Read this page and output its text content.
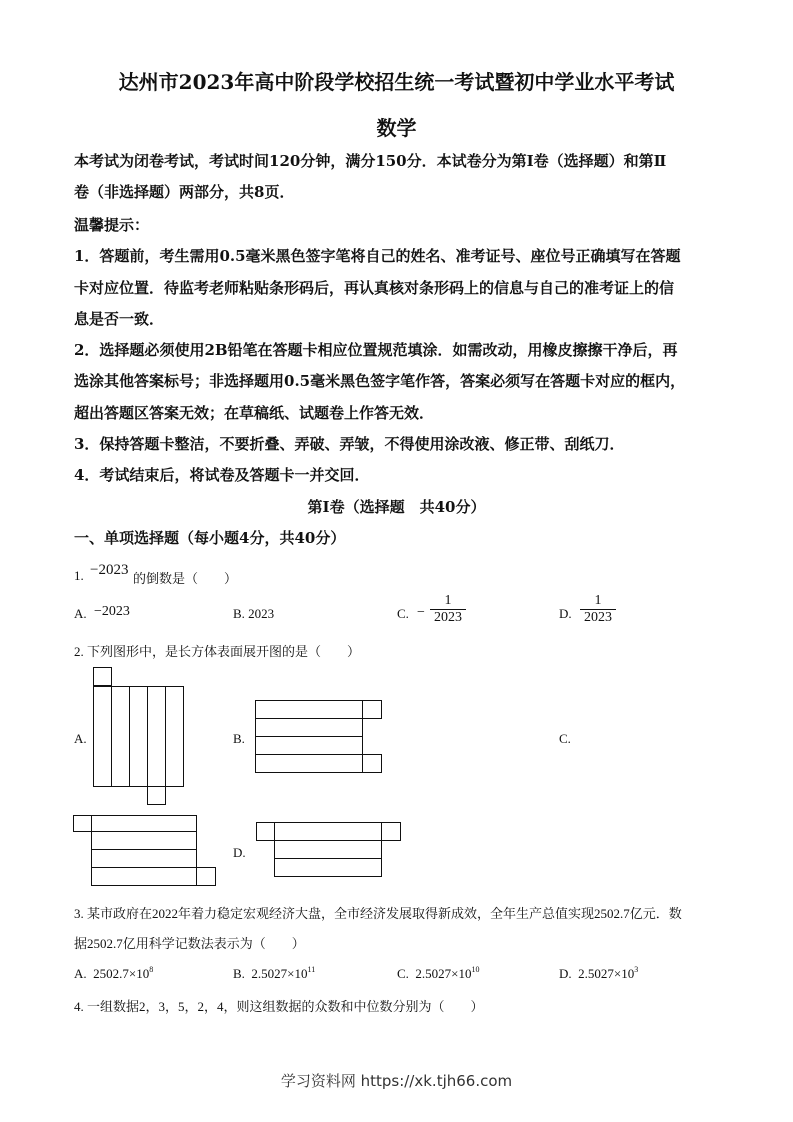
达州市2023年高中阶段学校招生统一考试暨初中学业水平考试
数学
本考试为闭卷考试，考试时间120分钟，满分150分．本试卷分为第Ⅰ卷（选择题）和第Ⅱ
卷（非选择题）两部分，共8页．
温馨提示：
1．答题前，考生需用0.5毫米黑色签字笔将自己的姓名、准考证号、座位号正确填写在答题
卡对应位置．待监考老师粘贴条形码后，再认真核对条形码上的信息与自己的准考证上的信
息是否一致．
2．选择题必须使用2B铅笔在答题卡相应位置规范填涂．如需改动，用橡皮擦擦干净后，再
选涂其他答案标号；非选择题用0.5毫米黑色签字笔作答，答案必须写在答题卡对应的框内，
超出答题区答案无效；在草稿纸、试题卷上作答无效．
3．保持答题卡整洁，不要折叠、弄破、弄皱，不得使用涂改液、修正带、刮纸刀．
4．考试结束后，将试卷及答题卡一并交回．
第Ⅰ卷（选择题　共40分）
一、单项选择题（每小题4分，共40分）
1. −2023
的倒数是（　　）
A. −2023	B. 2023	C. −
1
2023	D.
1
2023
2. 下列图形中，是长方体表面展开图的是（　　）
A.	B.	C.
D.
3. 某市政府在2022年着力稳定宏观经济大盘，全市经济发展取得新成效，全年生产总值实现2502.7亿元．数
据2502.7亿用科学记数法表示为（　　）
A. $2502.7\times 10^8$	B. $2.5027\times 10^{11}$	C. $2.5027\times 10^{10}$	D. $2.5027\times 10^3$
4. 一组数据2，3，5，2，4，则这组数据的众数和中位数分别为（　　）
学习资料网 https://xk.tjh66.com
